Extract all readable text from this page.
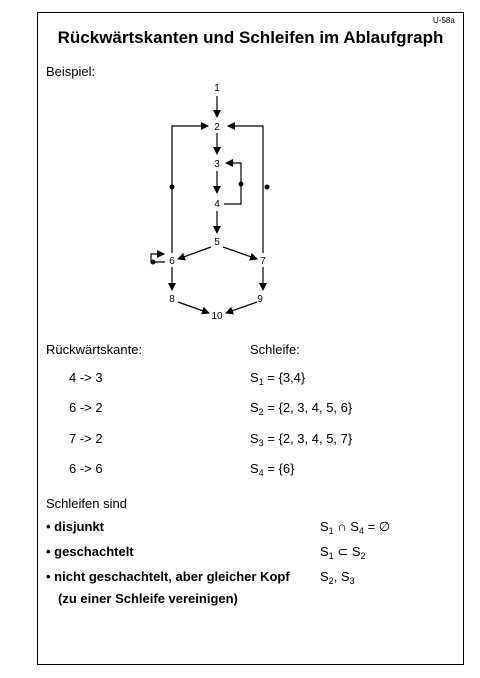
U-58a
Rückwärtskanten und Schleifen im Ablaufgraph
Beispiel:
1
2
3
4
5
6	7
8	9
10
Rückwärtskante:	Schleife:
4 -> 3	$S_1 = \{3,4\}$
6 -> 2	$S_2 = \{2$, 3, 4, 5, 6}
7 -> 2	$S_3 = \{2$, 3, 4, 5, 7}
6 -> 6	$S_4 = \{6\}$
Schleifen sind
• disjunkt	$S_1$ ∩ $S_4$ = ∅
• geschachtelt	$S_1$ ⊂ $S_2$
• nicht geschachtelt, aber gleicher Kopf $S_2$, $S_3$
(zu einer Schleife vereinigen)
